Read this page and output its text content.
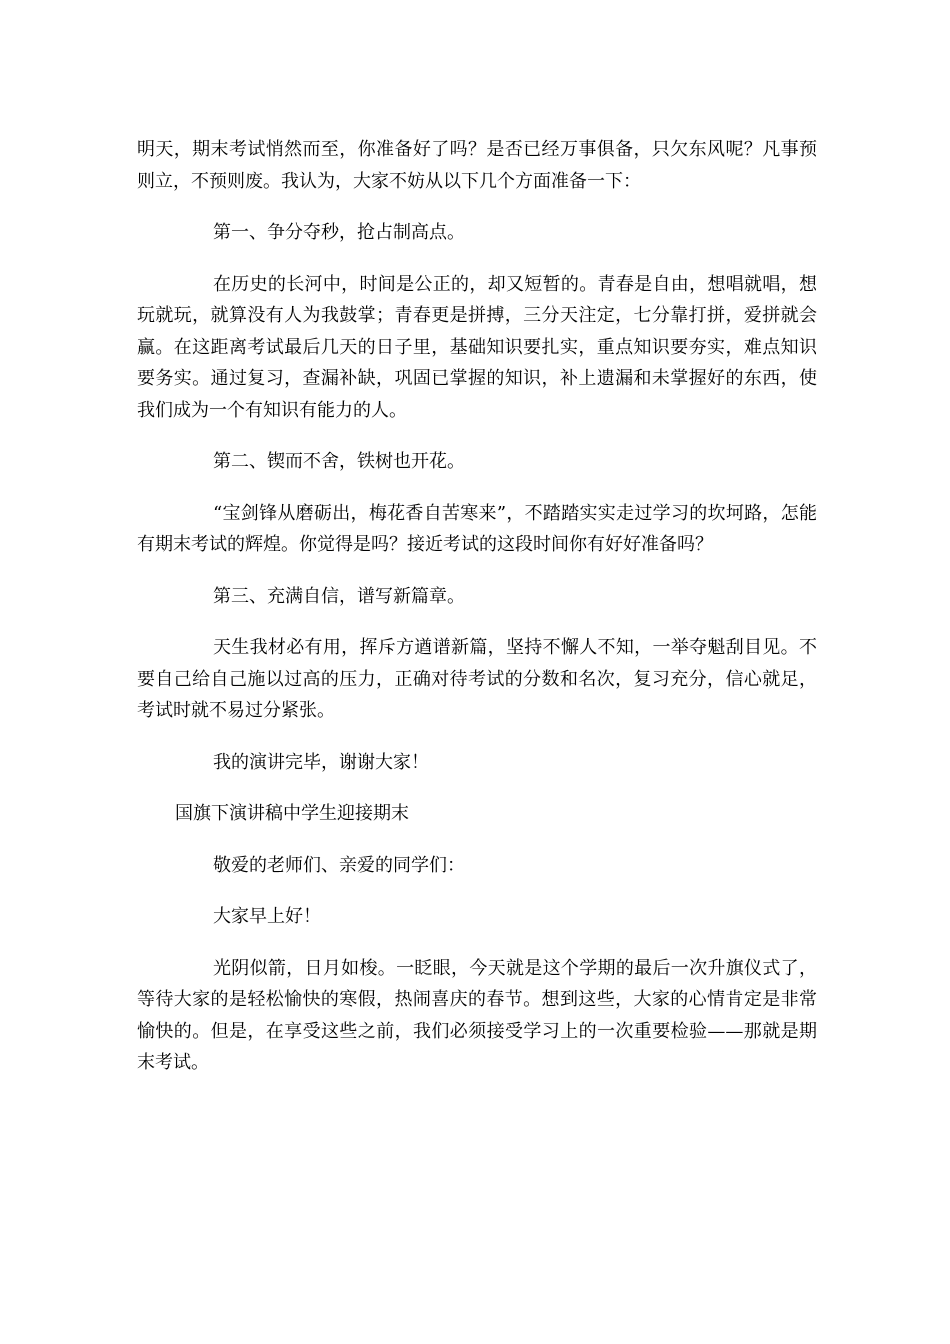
明天，期末考试悄然而至，你准备好了吗？是否已经万事俱备，只欠东风呢？凡事预则立，不预则废。我认为，大家不妨从以下几个方面准备一下：

第一、争分夺秒，抢占制高点。

在历史的长河中，时间是公正的，却又短暂的。青春是自由，想唱就唱，想玩就玩，就算没有人为我鼓掌；青春更是拼搏，三分天注定，七分靠打拼，爱拼就会赢。在这距离考试最后几天的日子里，基础知识要扎实，重点知识要夯实，难点知识要务实。通过复习，查漏补缺，巩固已掌握的知识，补上遗漏和未掌握好的东西，使我们成为一个有知识有能力的人。

第二、锲而不舍，铁树也开花。

“宝剑锋从磨砺出，梅花香自苦寒来”，不踏踏实实走过学习的坎坷路，怎能有期末考试的辉煌。你觉得是吗？接近考试的这段时间你有好好准备吗？

第三、充满自信，谱写新篇章。

天生我材必有用，挥斥方遒谱新篇，坚持不懈人不知，一举夺魁刮目见。不要自己给自己施以过高的压力，正确对待考试的分数和名次，复习充分，信心就足，考试时就不易过分紧张。

我的演讲完毕，谢谢大家！

国旗下演讲稿中学生迎接期末

敬爱的老师们、亲爱的同学们：

大家早上好！

光阴似箭，日月如梭。一眨眼，今天就是这个学期的最后一次升旗仪式了，等待大家的是轻松愉快的寒假，热闹喜庆的春节。想到这些，大家的心情肯定是非常愉快的。但是，在享受这些之前，我们必须接受学习上的一次重要检验——那就是期末考试。
